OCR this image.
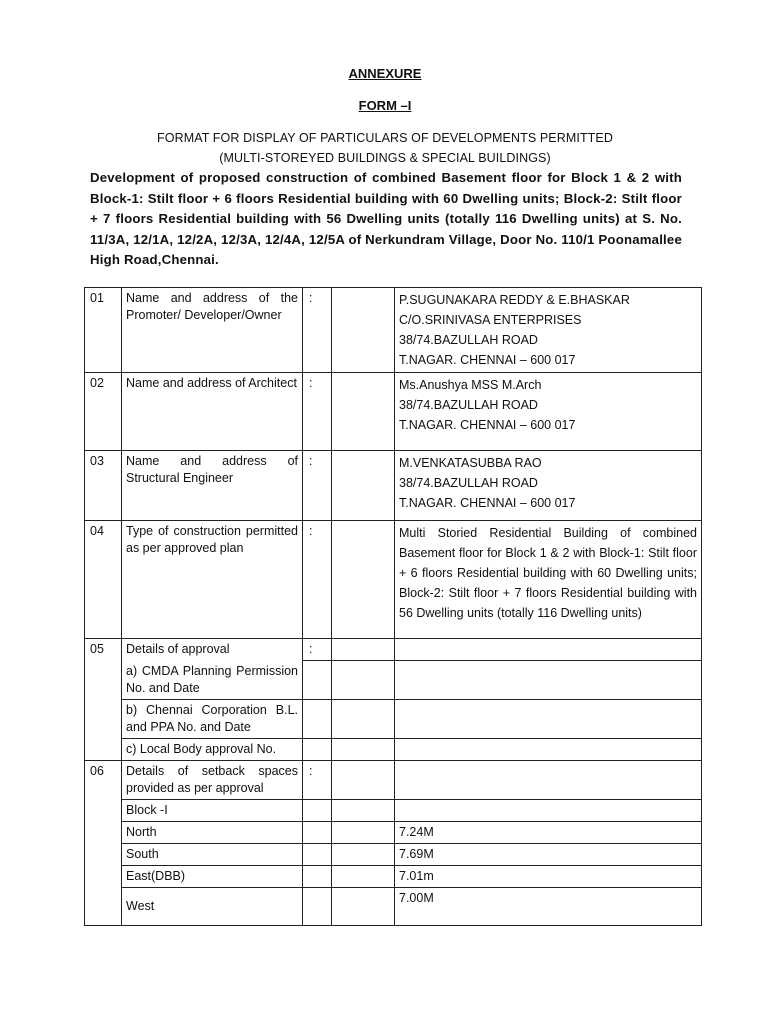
ANNEXURE
FORM –I
FORMAT FOR DISPLAY OF PARTICULARS OF DEVELOPMENTS PERMITTED
(MULTI-STOREYED BUILDINGS & SPECIAL BUILDINGS)
Development of proposed construction of combined Basement floor for Block 1 & 2 with Block-1: Stilt floor + 6 floors Residential building with 60 Dwelling units; Block-2: Stilt floor + 7 floors Residential building with 56 Dwelling units (totally 116 Dwelling units) at S. No. 11/3A, 12/1A, 12/2A, 12/3A, 12/4A, 12/5A of Nerkundram Village, Door No. 110/1 Poonamallee High Road,Chennai.
01	Name and address of the Promoter/ Developer/Owner	:		P.SUGUNAKARA REDDY & E.BHASKAR
C/O.SRINIVASA ENTERPRISES
38/74.BAZULLAH ROAD
T.NAGAR. CHENNAI – 600 017

02	Name and address of Architect	:		Ms.Anushya MSS M.Arch
38/74.BAZULLAH ROAD
T.NAGAR. CHENNAI – 600 017

03	Name and address of Structural Engineer	:		M.VENKATASUBBA RAO
38/74.BAZULLAH ROAD
T.NAGAR. CHENNAI – 600 017

04	Type of construction permitted as per approved plan	:		Multi Storied Residential Building of combined Basement floor for Block 1 & 2 with Block-1: Stilt floor + 6 floors Residential building with 60 Dwelling units; Block-2: Stilt floor + 7 floors Residential building with 56 Dwelling units (totally 116 Dwelling units)
05	Details of approval	:		
	a) CMDA Planning Permission No. and Date			
	b) Chennai Corporation B.L. and PPA No. and Date			
	c) Local Body approval No.			
06	Details of setback spaces provided as per approval	:		
	Block -I			
	North			7.24M
	South			7.69M
	East(DBB)			7.01m
	West			7.00M
